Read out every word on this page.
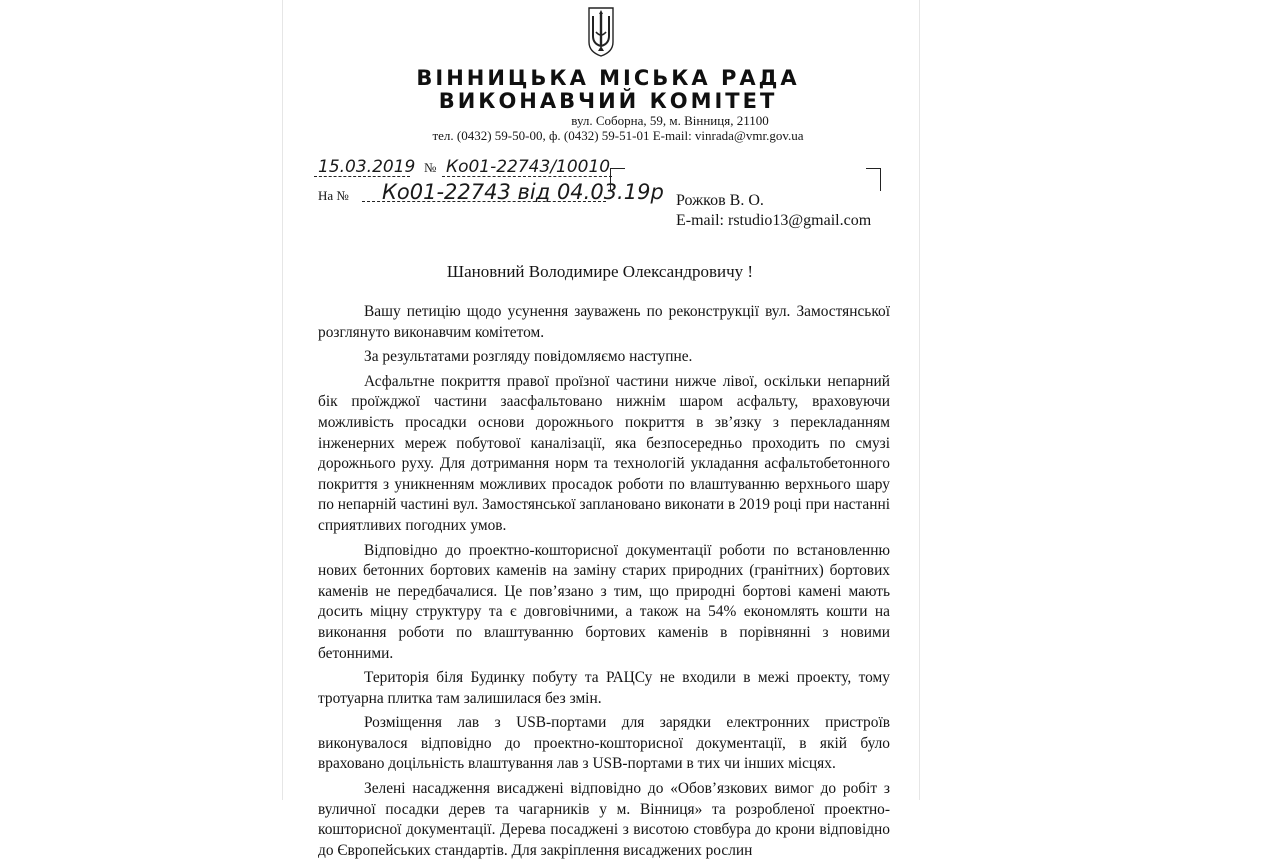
ВІННИЦЬКА МІСЬКА РАДА

ВИКОНАВЧИЙ КОМІТЕТ

вул. Соборна, 59, м. Вінниця, 21100
тел. (0432) 59-50-00, ф. (0432) 59-51-01 E-mail: vinrada@vmr.gov.ua
15.03.2019 № Ко01-22743/10010
На № Ко01-22743 від 04.03.19р Рожков В. О.
E-mail: rstudio13@gmail.com
Шановний Володимире Олександровичу !

Вашу петицію щодо усунення зауважень по реконструкції вул. Замостянської розглянуто виконавчим комітетом.

За результатами розгляду повідомляємо наступне.

Асфальтне покриття правої проїзної частини нижче лівої, оскільки непарний бік проїжджої частини заасфальтовано нижнім шаром асфальту, враховуючи можливість просадки основи дорожнього покриття в зв’язку з перекладанням інженерних мереж побутової каналізації, яка безпосередньо проходить по смузі дорожнього руху. Для дотримання норм та технологій укладання асфальтобетонного покриття з уникненням можливих просадок роботи по влаштуванню верхнього шару по непарній частині вул. Замостянської заплановано виконати в 2019 році при настанні сприятливих погодних умов.

Відповідно до проектно-кошторисної документації роботи по встановленню нових бетонних бортових каменів на заміну старих природних (гранітних) бортових каменів не передбачалися. Це пов’язано з тим, що природні бортові камені мають досить міцну структуру та є довговічними, а також на 54% економлять кошти на виконання роботи по влаштуванню бортових каменів в порівнянні з новими бетонними.

Територія біля Будинку побуту та РАЦСу не входили в межі проекту, тому тротуарна плитка там залишилася без змін.

Розміщення лав з USB-портами для зарядки електронних пристроїв виконувалося відповідно до проектно-кошторисної документації, в якій було враховано доцільність влаштування лав з USB-портами в тих чи інших місцях.

Зелені насадження висаджені відповідно до «Обов’язкових вимог до робіт з вуличної посадки дерев та чагарників у м. Вінниця» та розробленої проектно-кошторисної документації. Дерева посаджені з висотою стовбура до крони відповідно до Європейських стандартів. Для закріплення висаджених рослин
